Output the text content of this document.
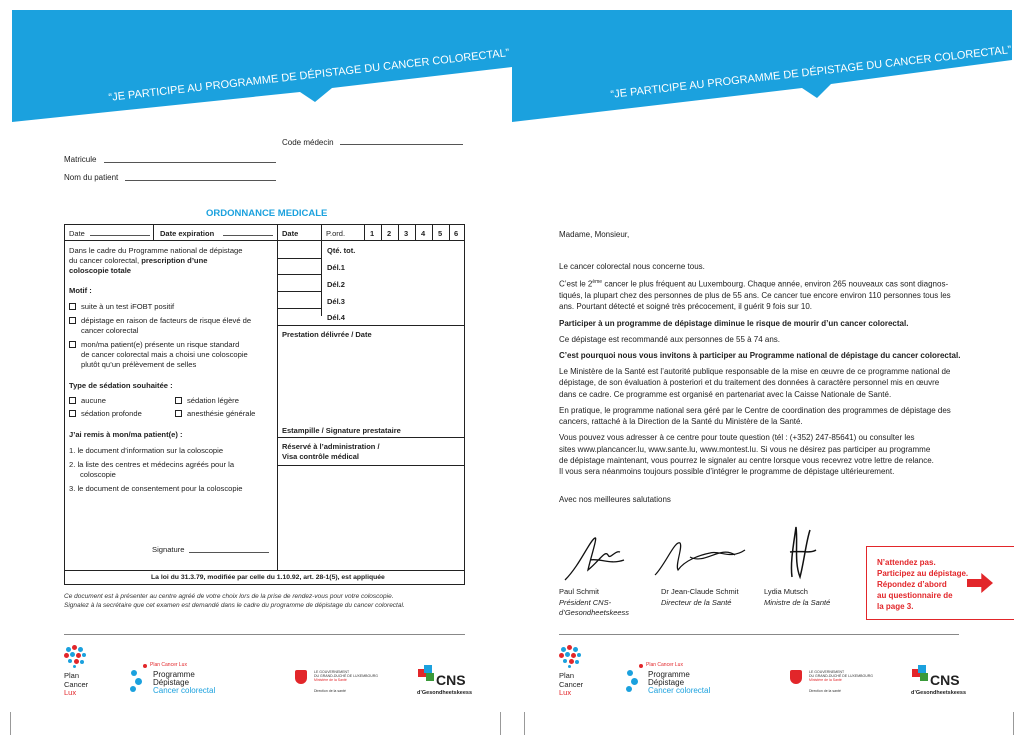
“JE PARTICIPE AU PROGRAMME DE DÉPISTAGE DU CANCER COLORECTAL”
Code médecin
Matricule
Nom du patient
ORDONNANCE MEDICALE
Date	Date expiration	Date	P.ord.	1 2 3 4 5 6
Qté. tot.
Dél.1
Dél.2
Dél.3
Dél.4
Prestation délivrée / Date
Estampille / Signature prestataire
Réservé à l’administration /
Visa contrôle médical
Dans le cadre du Programme national de dépistage
du cancer colorectal, prescription d’une
coloscopie totale
Motif :
suite à un test iFOBT positif
dépistage en raison de facteurs de risque élevé de
cancer colorectal
mon/ma patient(e) présente un risque standard
de cancer colorectal mais a choisi une coloscopie
plutôt qu’un prélèvement de selles
Type de sédation souhaitée :
aucune	sédation légère
sédation profonde	anesthésie générale
J’ai remis à mon/ma patient(e) :
1. le document d’information sur la coloscopie
2. la liste des centres et médecins agréés pour la
coloscopie
3. le document de consentement pour la coloscopie
Signature
La loi du 31.3.79, modifiée par celle du 1.10.92, art. 28-1(5), est appliquée
Ce document est à présenter au centre agréé de votre choix lors de la prise de rendez-vous pour votre coloscopie.
Signalez à la secrétaire que cet examen est demandé dans le cadre du programme de dépistage du cancer colorectal.
Plan
Cancer
Lux
Plan Cancer Lux
Programme
Dépistage
Cancer colorectal
LE GOUVERNEMENT
DU GRAND-DUCHÉ DE LUXEMBOURG
Ministère de la Santé
Direction de la santé
CNS
d’Gesondheetskeess
“JE PARTICIPE AU PROGRAMME DE DÉPISTAGE DU CANCER COLORECTAL”

Madame, Monsieur,

Le cancer colorectal nous concerne tous.

C’est le 2ème cancer le plus fréquent au Luxembourg. Chaque année, environ 265 nouveaux cas sont diagnos-

tiqués, la plupart chez des personnes de plus de 55 ans. Ce cancer tue encore environ 110 personnes tous les

ans. Pourtant détecté et soigné très précocement, il guérit 9 fois sur 10.

Participer à un programme de dépistage diminue le risque de mourir d’un cancer colorectal.

Ce dépistage est recommandé aux personnes de 55 à 74 ans.

C’est pourquoi nous vous invitons à participer au Programme national de dépistage du cancer colorectal.

Le Ministère de la Santé est l’autorité publique responsable de la mise en œuvre de ce programme national de

dépistage, de son évaluation à posteriori et du traitement des données à caractère personnel mis en œuvre

dans ce cadre. Ce programme est organisé en partenariat avec la Caisse Nationale de Santé.

En pratique, le programme national sera géré par le Centre de coordination des programmes de dépistage des

cancers, rattaché à la Direction de la Santé du Ministère de la Santé.

Vous pouvez vous adresser à ce centre pour toute question (tél : (+352) 247-85641) ou consulter les

sites www.plancancer.lu, www.sante.lu, www.montest.lu. Si vous ne désirez pas participer au programme

de dépistage maintenant, vous pourrez le signaler au centre lorsque vous recevrez votre lettre de relance.

Il vous sera néanmoins toujours possible d’intégrer le programme de dépistage ultérieurement.

Avec nos meilleures salutations

Paul Schmit
Président CNS-
d’Gesondheetskeess
Dr Jean-Claude Schmit
Directeur de la Santé
Lydia Mutsch
Ministre de la Santé
N’attendez pas.
Participez au dépistage.
Répondez d’abord
au questionnaire de
la page 3.
Plan
Cancer
Lux
Plan Cancer Lux
Programme
Dépistage
Cancer colorectal
LE GOUVERNEMENT
DU GRAND-DUCHÉ DE LUXEMBOURG
Ministère de la Santé
Direction de la santé
CNS
d’Gesondheetskeess
